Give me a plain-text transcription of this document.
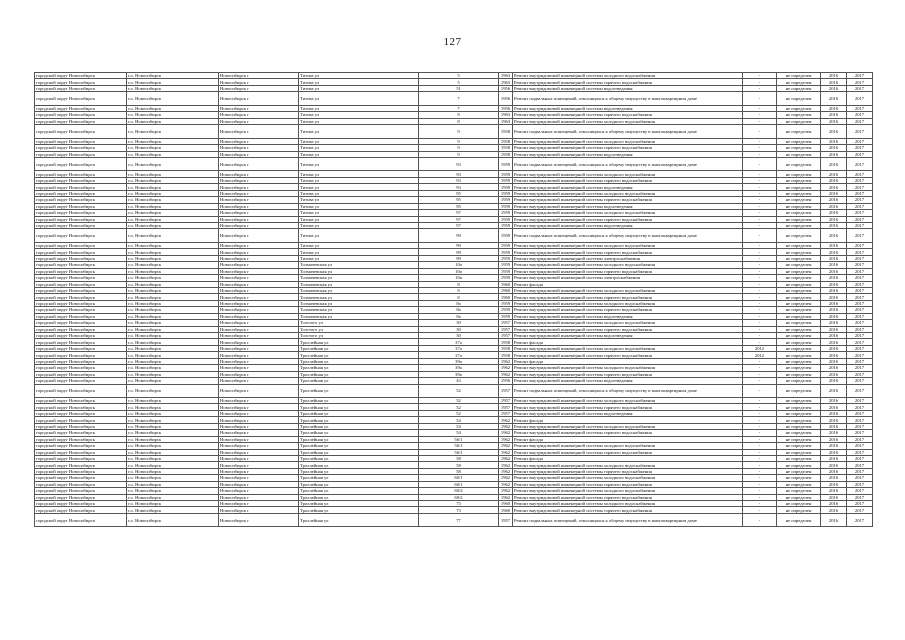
127
городской округ Новосибирск	г.о. Новосибирск	Новосибирск г	Титова ул	5	1963	Ремонт внутридомовой инженерной системы холодного водоснабжения	-	не определен	2016	2017
городской округ Новосибирск	г.о. Новосибирск	Новосибирск г	Титова ул	5	1963	Ремонт внутридомовой инженерной системы горячего водоснабжения	-	не определен	2016	2017
городской округ Новосибирск	г.о. Новосибирск	Новосибирск г	Титова ул	51	1956	Ремонт внутридомовой инженерной системы водоотведения	-	не определен	2016	2017
городской округ Новосибирск	г.о. Новосибирск	Новосибирск г	Титова ул	7	1956	Ремонт подвальных помещений, относящихся к общему имуществу в многоквартирном доме	-	не определен	2016	2017
городской округ Новосибирск	г.о. Новосибирск	Новосибирск г	Титова ул	7	1956	Ремонт внутридомовой инженерной системы водоотведения	-	не определен	2016	2017
городской округ Новосибирск	г.о. Новосибирск	Новосибирск г	Титова ул	8	1963	Ремонт внутридомовой инженерной системы горячего водоснабжения	-	не определен	2016	2017
городской округ Новосибирск	г.о. Новосибирск	Новосибирск г	Титова ул	8	1963	Ремонт внутридомовой инженерной системы холодного водоснабжения	-	не определен	2016	2017
городской округ Новосибирск	г.о. Новосибирск	Новосибирск г	Титова ул	9	1958	Ремонт подвальных помещений, относящихся к общему имуществу в многоквартирном доме	-	не определен	2016	2017
городской округ Новосибирск	г.о. Новосибирск	Новосибирск г	Титова ул	9	1958	Ремонт внутридомовой инженерной системы холодного водоснабжения	-	не определен	2016	2017
городской округ Новосибирск	г.о. Новосибирск	Новосибирск г	Титова ул	9	1958	Ремонт внутридомовой инженерной системы горячего водоснабжения	-	не определен	2016	2017
городской округ Новосибирск	г.о. Новосибирск	Новосибирск г	Титова ул	9	1958	Ремонт внутридомовой инженерной системы водоотведения	-	не определен	2016	2017
городской округ Новосибирск	г.о. Новосибирск	Новосибирск г	Титова ул	93	1959	Ремонт подвальных помещений, относящихся к общему имуществу в многоквартирном доме	-	не определен	2016	2017
городской округ Новосибирск	г.о. Новосибирск	Новосибирск г	Титова ул	93	1959	Ремонт внутридомовой инженерной системы холодного водоснабжения	-	не определен	2016	2017
городской округ Новосибирск	г.о. Новосибирск	Новосибирск г	Титова ул	93	1959	Ремонт внутридомовой инженерной системы горячего водоснабжения	-	не определен	2016	2017
городской округ Новосибирск	г.о. Новосибирск	Новосибирск г	Титова ул	93	1959	Ремонт внутридомовой инженерной системы водоотведения	-	не определен	2016	2017
городской округ Новосибирск	г.о. Новосибирск	Новосибирск г	Титова ул	95	1959	Ремонт внутридомовой инженерной системы холодного водоснабжения	-	не определен	2016	2017
городской округ Новосибирск	г.о. Новосибирск	Новосибирск г	Титова ул	95	1959	Ремонт внутридомовой инженерной системы горячего водоснабжения	-	не определен	2016	2017
городской округ Новосибирск	г.о. Новосибирск	Новосибирск г	Титова ул	95	1959	Ремонт внутридомовой инженерной системы водоотведения	-	не определен	2016	2017
городской округ Новосибирск	г.о. Новосибирск	Новосибирск г	Титова ул	97	1959	Ремонт внутридомовой инженерной системы холодного водоснабжения	-	не определен	2016	2017
городской округ Новосибирск	г.о. Новосибирск	Новосибирск г	Титова ул	97	1959	Ремонт внутридомовой инженерной системы горячего водоснабжения	-	не определен	2016	2017
городской округ Новосибирск	г.о. Новосибирск	Новосибирск г	Титова ул	97	1959	Ремонт внутридомовой инженерной системы водоотведения	-	не определен	2016	2017
городской округ Новосибирск	г.о. Новосибирск	Новосибирск г	Титова ул	99	1959	Ремонт подвальных помещений, относящихся к общему имуществу в многоквартирном доме	-	не определен	2016	2017
городской округ Новосибирск	г.о. Новосибирск	Новосибирск г	Титова ул	99	1959	Ремонт внутридомовой инженерной системы холодного водоснабжения	-	не определен	2016	2017
городской округ Новосибирск	г.о. Новосибирск	Новосибирск г	Титова ул	99	1959	Ремонт внутридомовой инженерной системы горячего водоснабжения	-	не определен	2016	2017
городской округ Новосибирск	г.о. Новосибирск	Новосибирск г	Титова ул	99	1959	Ремонт внутридомовой инженерной системы электроснабжения	-	не определен	2016	2017
городской округ Новосибирск	г.о. Новосибирск	Новосибирск г	Толмачевская ул	10а	1959	Ремонт внутридомовой инженерной системы холодного водоснабжения	-	не определен	2016	2017
городской округ Новосибирск	г.о. Новосибирск	Новосибирск г	Толмачевская ул	10а	1959	Ремонт внутридомовой инженерной системы горячего водоснабжения	-	не определен	2016	2017
городской округ Новосибирск	г.о. Новосибирск	Новосибирск г	Толмачевская ул	10а	1959	Ремонт внутридомовой инженерной системы электроснабжения	-	не определен	2016	2017
городской округ Новосибирск	г.о. Новосибирск	Новосибирск г	Толмачевская ул	8	1960	Ремонт фасада	-	не определен	2016	2017
городской округ Новосибирск	г.о. Новосибирск	Новосибирск г	Толмачевская ул	8	1960	Ремонт внутридомовой инженерной системы холодного водоснабжения	-	не определен	2016	2017
городской округ Новосибирск	г.о. Новосибирск	Новосибирск г	Толмачевская ул	8	1960	Ремонт внутридомовой инженерной системы горячего водоснабжения	-	не определен	2016	2017
городской округ Новосибирск	г.о. Новосибирск	Новосибирск г	Толмачевская ул	8а	1959	Ремонт внутридомовой инженерной системы холодного водоснабжения	-	не определен	2016	2017
городской округ Новосибирск	г.о. Новосибирск	Новосибирск г	Толмачевская ул	8а	1959	Ремонт внутридомовой инженерной системы горячего водоснабжения	-	не определен	2016	2017
городской округ Новосибирск	г.о. Новосибирск	Новосибирск г	Толмачевская ул	8а	1959	Ремонт внутридомовой инженерной системы водоотведения	-	не определен	2016	2017
городской округ Новосибирск	г.о. Новосибирск	Новосибирск г	Толстого ул	30	1957	Ремонт внутридомовой инженерной системы холодного водоснабжения	-	не определен	2016	2017
городской округ Новосибирск	г.о. Новосибирск	Новосибирск г	Толстого ул	30	1957	Ремонт внутридомовой инженерной системы горячего водоснабжения	-	не определен	2016	2017
городской округ Новосибирск	г.о. Новосибирск	Новосибирск г	Толстого ул	30	1957	Ремонт внутридомовой инженерной системы водоотведения	-	не определен	2016	2017
городской округ Новосибирск	г.о. Новосибирск	Новосибирск г	Троллейная ул	37а	1958	Ремонт фасада	-	не определен	2016	2017
городской округ Новосибирск	г.о. Новосибирск	Новосибирск г	Троллейная ул	37а	1958	Ремонт внутридомовой инженерной системы холодного водоснабжения	2012	не определен	2016	2017
городской округ Новосибирск	г.о. Новосибирск	Новосибирск г	Троллейная ул	37а	1958	Ремонт внутридомовой инженерной системы горячего водоснабжения	2012	не определен	2016	2017
городской округ Новосибирск	г.о. Новосибирск	Новосибирск г	Троллейная ул	39а	1962	Ремонт фасада	-	не определен	2016	2017
городской округ Новосибирск	г.о. Новосибирск	Новосибирск г	Троллейная ул	39а	1962	Ремонт внутридомовой инженерной системы холодного водоснабжения	-	не определен	2016	2017
городской округ Новосибирск	г.о. Новосибирск	Новосибирск г	Троллейная ул	39а	1962	Ремонт внутридомовой инженерной системы горячего водоснабжения	-	не определен	2016	2017
городской округ Новосибирск	г.о. Новосибирск	Новосибирск г	Троллейная ул	43	1956	Ремонт внутридомовой инженерной системы водоотведения	-	не определен	2016	2017
городской округ Новосибирск	г.о. Новосибирск	Новосибирск г	Троллейная ул	52	1957	Ремонт подвальных помещений, относящихся к общему имуществу в многоквартирном доме	-	не определен	2016	2017
городской округ Новосибирск	г.о. Новосибирск	Новосибирск г	Троллейная ул	52	1957	Ремонт внутридомовой инженерной системы холодного водоснабжения	-	не определен	2016	2017
городской округ Новосибирск	г.о. Новосибирск	Новосибирск г	Троллейная ул	52	1957	Ремонт внутридомовой инженерной системы горячего водоснабжения	-	не определен	2016	2017
городской округ Новосибирск	г.о. Новосибирск	Новосибирск г	Троллейная ул	52	1957	Ремонт внутридомовой инженерной системы водоотведения	-	не определен	2016	2017
городской округ Новосибирск	г.о. Новосибирск	Новосибирск г	Троллейная ул	54	1962	Ремонт фасада	-	не определен	2016	2017
городской округ Новосибирск	г.о. Новосибирск	Новосибирск г	Троллейная ул	54	1962	Ремонт внутридомовой инженерной системы холодного водоснабжения	-	не определен	2016	2017
городской округ Новосибирск	г.о. Новосибирск	Новосибирск г	Троллейная ул	54	1962	Ремонт внутридомовой инженерной системы горячего водоснабжения	-	не определен	2016	2017
городской округ Новосибирск	г.о. Новосибирск	Новосибирск г	Троллейная ул	56/1	1962	Ремонт фасада	-	не определен	2016	2017
городской округ Новосибирск	г.о. Новосибирск	Новосибирск г	Троллейная ул	56/1	1962	Ремонт внутридомовой инженерной системы холодного водоснабжения	-	не определен	2016	2017
городской округ Новосибирск	г.о. Новосибирск	Новосибирск г	Троллейная ул	56/1	1962	Ремонт внутридомовой инженерной системы горячего водоснабжения	-	не определен	2016	2017
городской округ Новосибирск	г.о. Новосибирск	Новосибирск г	Троллейная ул	58	1962	Ремонт фасада	-	не определен	2016	2017
городской округ Новосибирск	г.о. Новосибирск	Новосибирск г	Троллейная ул	58	1962	Ремонт внутридомовой инженерной системы холодного водоснабжения	-	не определен	2016	2017
городской округ Новосибирск	г.о. Новосибирск	Новосибирск г	Троллейная ул	58	1962	Ремонт внутридомовой инженерной системы горячего водоснабжения	-	не определен	2016	2017
городской округ Новосибирск	г.о. Новосибирск	Новосибирск г	Троллейная ул	60/1	1962	Ремонт внутридомовой инженерной системы холодного водоснабжения	-	не определен	2016	2017
городской округ Новосибирск	г.о. Новосибирск	Новосибирск г	Троллейная ул	60/1	1962	Ремонт внутридомовой инженерной системы горячего водоснабжения	-	не определен	2016	2017
городской округ Новосибирск	г.о. Новосибирск	Новосибирск г	Троллейная ул	60/2	1962	Ремонт внутридомовой инженерной системы холодного водоснабжения	-	не определен	2016	2017
городской округ Новосибирск	г.о. Новосибирск	Новосибирск г	Троллейная ул	60/2	1962	Ремонт внутридомовой инженерной системы горячего водоснабжения	-	не определен	2016	2017
городской округ Новосибирск	г.о. Новосибирск	Новосибирск г	Троллейная ул	73	1960	Ремонт внутридомовой инженерной системы холодного водоснабжения	-	не определен	2016	2017
городской округ Новосибирск	г.о. Новосибирск	Новосибирск г	Троллейная ул	73	1960	Ремонт внутридомовой инженерной системы горячего водоснабжения	-	не определен	2016	2017
городской округ Новосибирск	г.о. Новосибирск	Новосибирск г	Троллейная ул	77	1957	Ремонт подвальных помещений, относящихся к общему имуществу в многоквартирном доме	-	не определен	2016	2017
